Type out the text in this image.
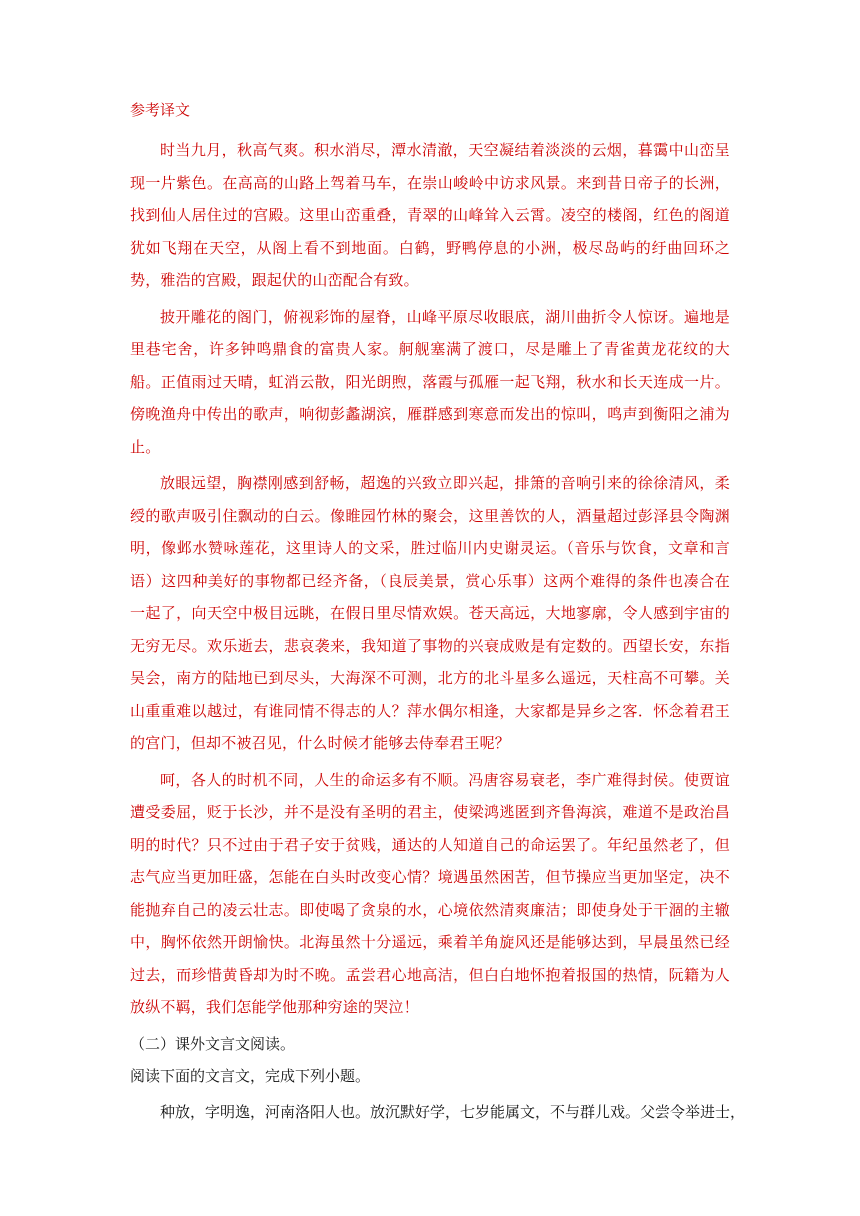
参考译文

时当九月，秋高气爽。积水消尽，潭水清澈，天空凝结着淡淡的云烟，暮霭中山峦呈现一片紫色。在高高的山路上驾着马车，在崇山峻岭中访求风景。来到昔日帝子的长洲，找到仙人居住过的宫殿。这里山峦重叠，青翠的山峰耸入云霄。凌空的楼阁，红色的阁道犹如飞翔在天空，从阁上看不到地面。白鹤，野鸭停息的小洲，极尽岛屿的纡曲回环之势，雅浩的宫殿，跟起伏的山峦配合有致。

披开雕花的阁门，俯视彩饰的屋脊，山峰平原尽收眼底，湖川曲折令人惊讶。遍地是里巷宅舍，许多钟鸣鼎食的富贵人家。舸舰塞满了渡口，尽是雕上了青雀黄龙花纹的大船。正值雨过天晴，虹消云散，阳光朗煦，落霞与孤雁一起飞翔，秋水和长天连成一片。傍晚渔舟中传出的歌声，响彻彭蠡湖滨，雁群感到寒意而发出的惊叫，鸣声到衡阳之浦为止。

放眼远望，胸襟刚感到舒畅，超逸的兴致立即兴起，排箫的音响引来的徐徐清风，柔绶的歌声吸引住飘动的白云。像睢园竹林的聚会，这里善饮的人，酒量超过彭泽县令陶渊明，像邺水赞咏莲花，这里诗人的文采，胜过临川内史谢灵运。（音乐与饮食，文章和言语）这四种美好的事物都已经齐备，（良辰美景，赏心乐事）这两个难得的条件也凑合在一起了，向天空中极目远眺，在假日里尽情欢娱。苍天高远，大地寥廓，令人感到宇宙的无穷无尽。欢乐逝去，悲哀袭来，我知道了事物的兴衰成败是有定数的。西望长安，东指吴会，南方的陆地已到尽头，大海深不可测，北方的北斗星多么遥远，天柱高不可攀。关山重重难以越过，有谁同情不得志的人？萍水偶尔相逢，大家都是异乡之客．怀念着君王的宫门，但却不被召见，什么时候才能够去侍奉君王呢？

呵，各人的时机不同，人生的命运多有不顺。冯唐容易衰老，李广难得封侯。使贾谊遭受委屈，贬于长沙，并不是没有圣明的君主，使梁鸿逃匿到齐鲁海滨，难道不是政治昌明的时代？只不过由于君子安于贫贱，通达的人知道自己的命运罢了。年纪虽然老了，但志气应当更加旺盛，怎能在白头时改变心情？境遇虽然困苦，但节操应当更加坚定，决不能抛弃自己的凌云壮志。即使喝了贪泉的水，心境依然清爽廉洁；即使身处于干涸的主辙中，胸怀依然开朗愉快。北海虽然十分遥远，乘着羊角旋风还是能够达到，早晨虽然已经过去，而珍惜黄昏却为时不晚。孟尝君心地高洁，但白白地怀抱着报国的热情，阮籍为人放纵不羁，我们怎能学他那种穷途的哭泣！

（二）课外文言文阅读。
阅读下面的文言文，完成下列小题。
种放，字明逸，河南洛阳人也。放沉默好学，七岁能属文，不与群儿戏。父尝令举进士，
